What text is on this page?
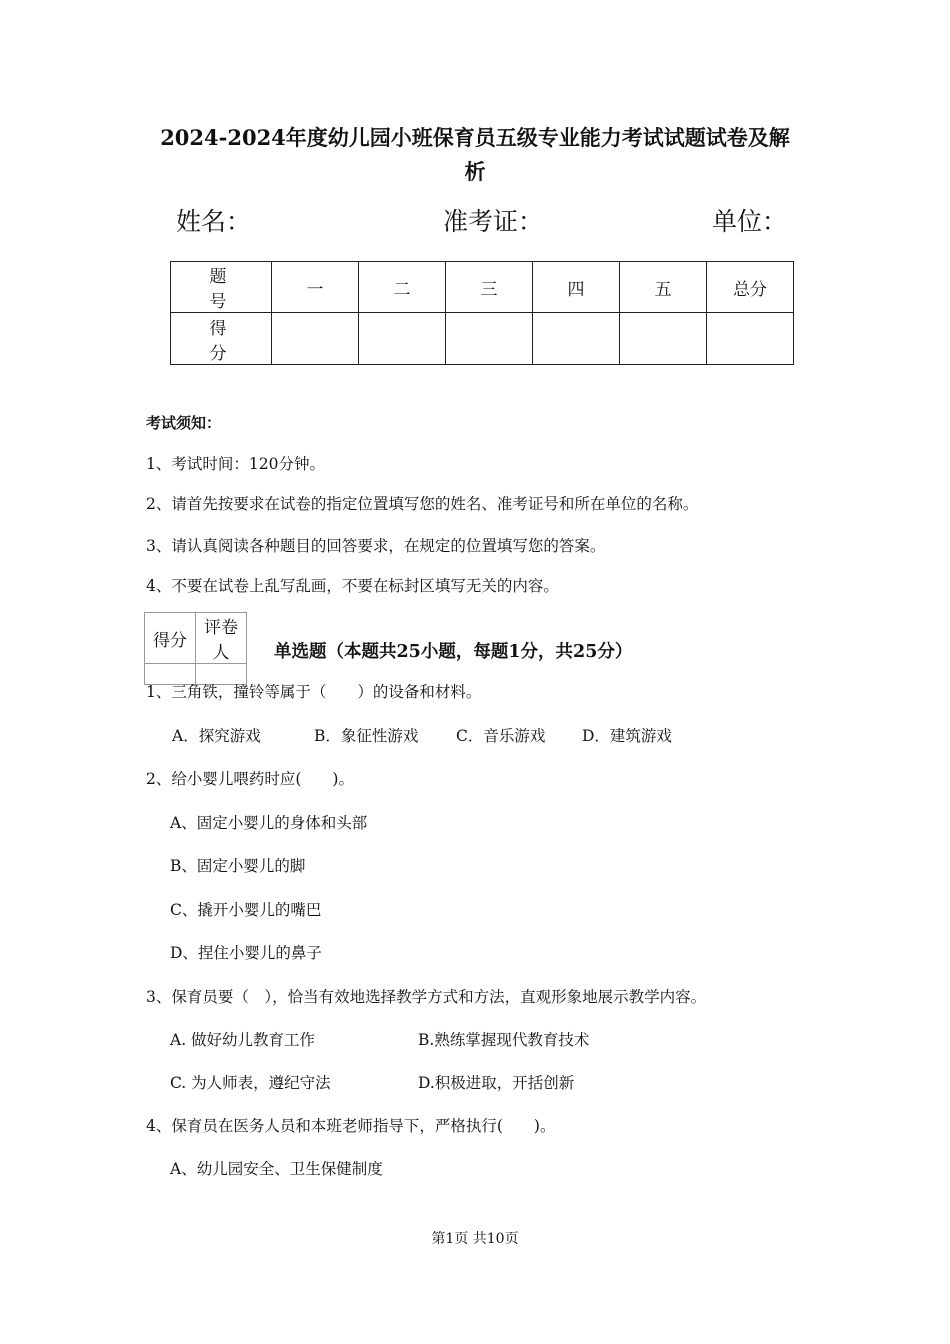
2024-2024年度幼儿园小班保育员五级专业能力考试试题试卷及解
析
姓名：	准考证：	单位：
题　号	一	二	三	四	五	总分
得　分						
考试须知：
1、考试时间：120分钟。
2、请首先按要求在试卷的指定位置填写您的姓名、准考证号和所在单位的名称。
3、请认真阅读各种题目的回答要求，在规定的位置填写您的答案。
4、不要在试卷上乱写乱画，不要在标封区填写无关的内容。
得分	评卷人
		单选题（本题共25小题，每题1分，共25分）
1、三角铁，撞铃等属于（　　）的设备和材料。
A．探究游戏	B．象征性游戏 C．音乐游戏 D．建筑游戏
2、给小婴儿喂药时应(　　)。
A、固定小婴儿的身体和头部
B、固定小婴儿的脚
C、撬开小婴儿的嘴巴
D、捏住小婴儿的鼻子
3、保育员要（　），恰当有效地选择教学方式和方法，直观形象地展示教学内容。
A. 做好幼儿教育工作	B.熟练掌握现代教育技术
C. 为人师表，遵纪守法	D.积极进取，开括创新
4、保育员在医务人员和本班老师指导下，严格执行(　　)。
A、幼儿园安全、卫生保健制度
第1页 共10页
